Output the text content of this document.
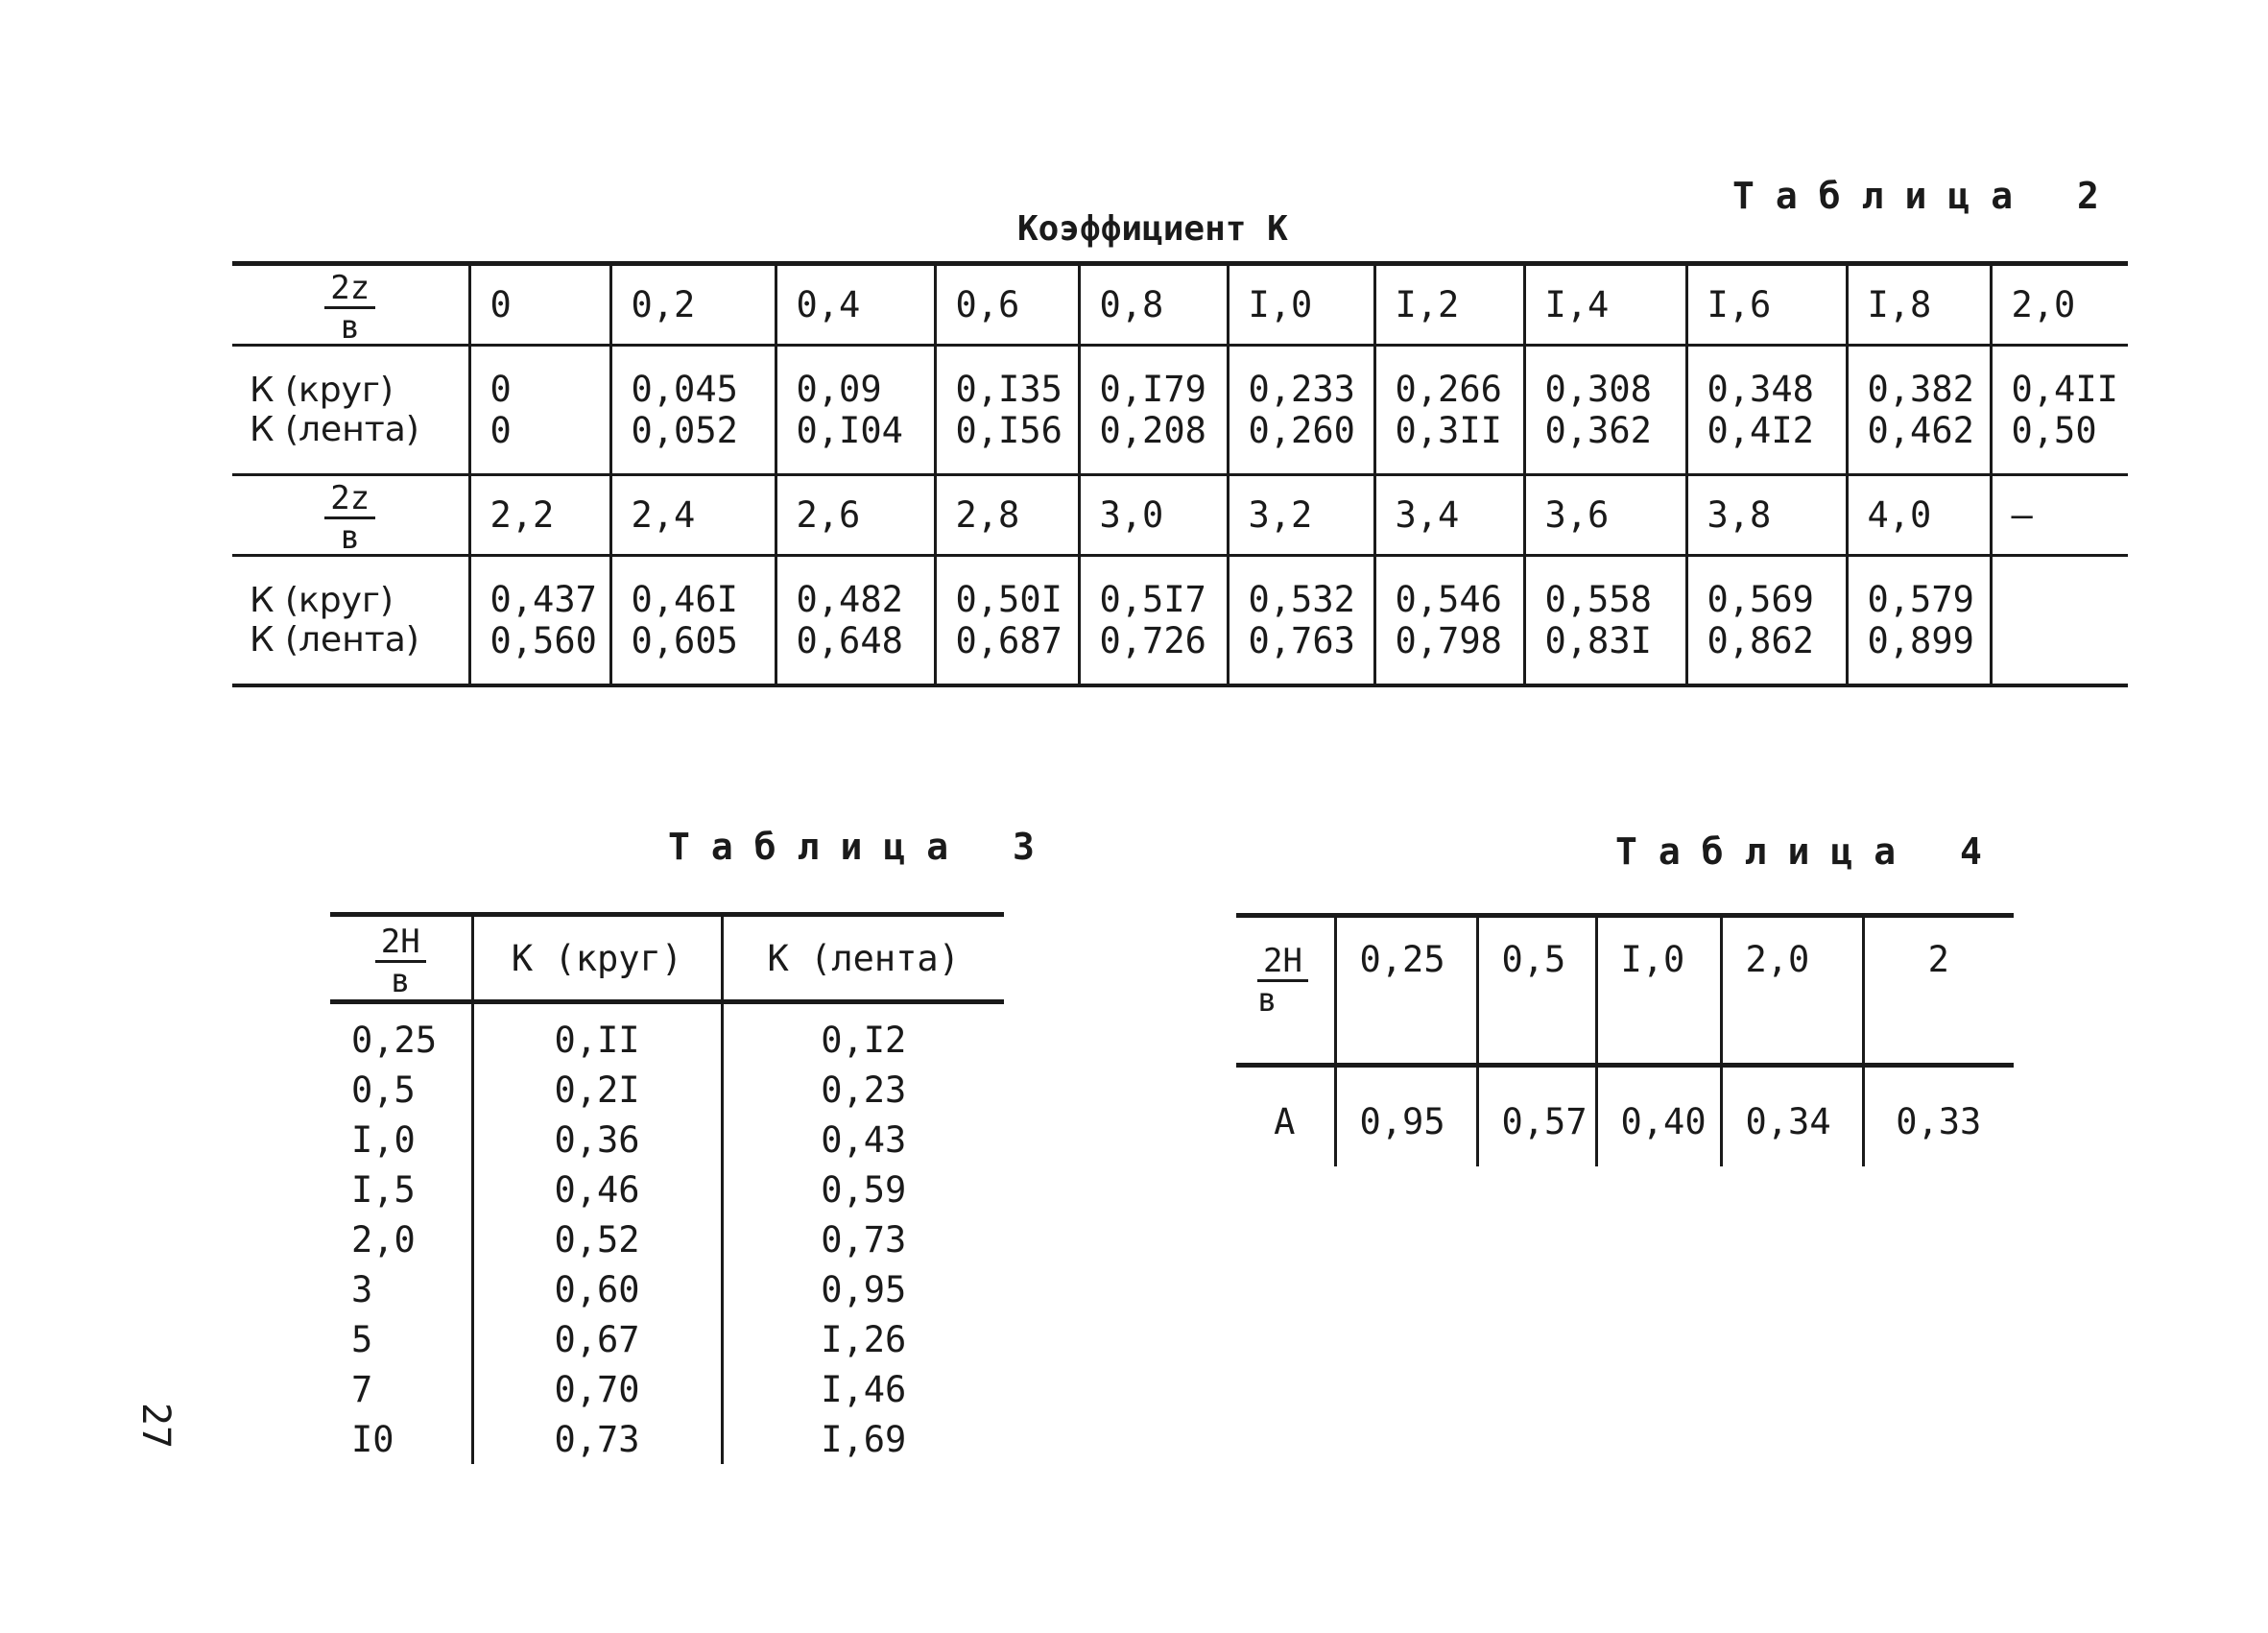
Таблица 2
Коэффициент К
$\frac{2z}{в}$	0	0,2	0,4	0,6	0,8	I,0	I,2	I,4	I,6	I,8	2,0
К (круг)	0	0,045	0,09	0,I35	0,I79	0,233	0,266	0,308	0,348	0,382	0,4II
К (лента)	0	0,052	0,I04	0,I56	0,208	0,260	0,3II	0,362	0,4I2	0,462	0,50

$\frac{2z}{в}$	2,2	2,4	2,6	2,8	3,0	3,2	3,4	3,6	3,8	4,0	–
К (круг)	0,437	0,46I	0,482	0,50I	0,5I7	0,532	0,546	0,558	0,569	0,579	
К (лента)	0,560	0,605	0,648	0,687	0,726	0,763	0,798	0,83I	0,862	0,899	
Таблица 3
$\frac{2Н}{в}$	К (круг)	К (лента)
0,25	0,II	0,I2
0,5	0,2I	0,23
I,0	0,36	0,43
I,5	0,46	0,59
2,0	0,52	0,73
3	0,60	0,95
5	0,67	I,26
7	0,70	I,46
I0	0,73	I,69
Таблица 4
$\frac{2Н}{в}$	0,25	0,5	I,0	2,0	2
А	0,95	0,57	0,40	0,34	0,33
27
